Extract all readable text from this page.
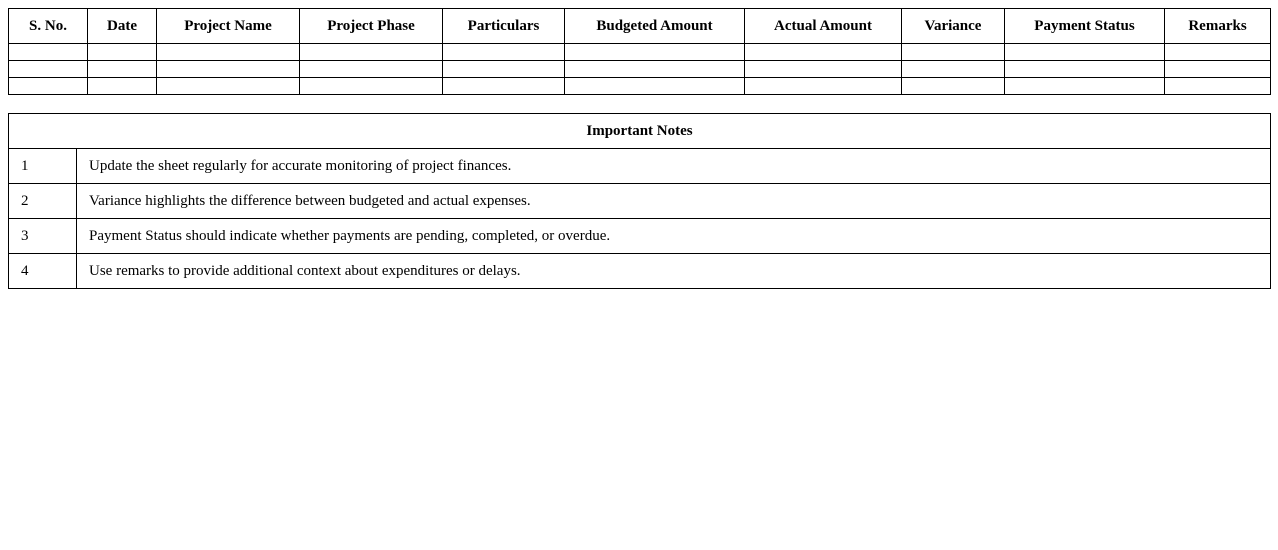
S. No.	Date	Project Name	Project Phase	Particulars	Budgeted Amount	Actual Amount	Variance	Payment Status	Remarks

Important Notes	
1	Update the sheet regularly for accurate monitoring of project finances.
2	Variance highlights the difference between budgeted and actual expenses.
3	Payment Status should indicate whether payments are pending, completed, or overdue.
4	Use remarks to provide additional context about expenditures or delays.
